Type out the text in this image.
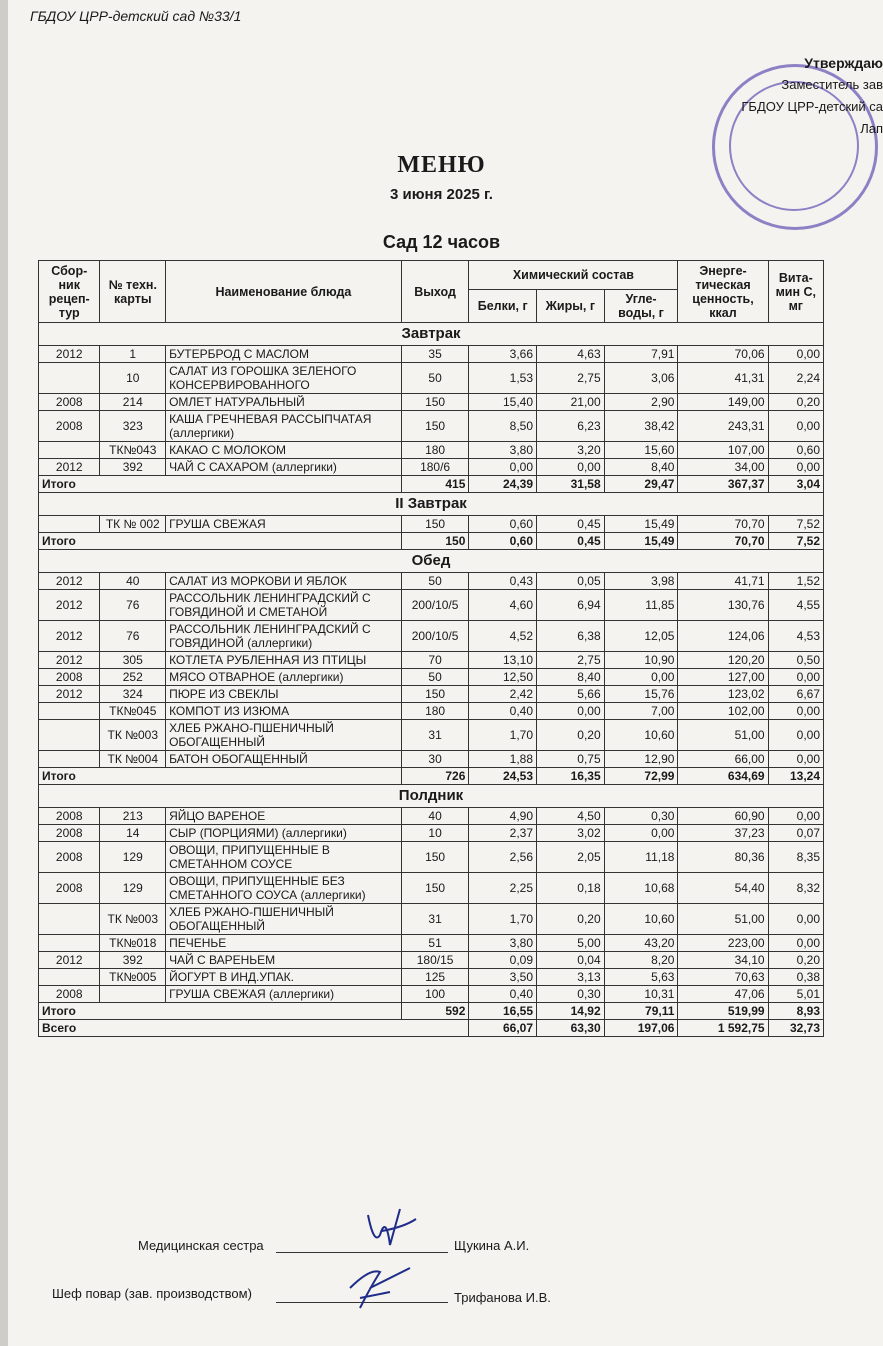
ГБДОУ ЦРР-детский сад №33/1
Утверждаю
Заместитель зав
ГБДОУ ЦРР-детский са
Лап
МЕНЮ
3 июня 2025 г.
Сад 12 часов
Сбор-ник рецеп-тур	№ техн. карты	Наименование блюда	Выход	Химический состав			Энерге-тическая ценность, ккал	Вита-мин С, мг
				Белки, г	Жиры, г	Угле-воды, г		
Завтрак								
2012	1	БУТЕРБРОД С МАСЛОМ	35	3,66	4,63	7,91	70,06	0,00
	10	САЛАТ ИЗ ГОРОШКА ЗЕЛЕНОГО КОНСЕРВИРОВАННОГО	50	1,53	2,75	3,06	41,31	2,24
2008	214	ОМЛЕТ НАТУРАЛЬНЫЙ	150	15,40	21,00	2,90	149,00	0,20
2008	323	КАША ГРЕЧНЕВАЯ РАССЫПЧАТАЯ (аллергики)	150	8,50	6,23	38,42	243,31	0,00
	ТК№043	КАКАО С МОЛОКОМ	180	3,80	3,20	15,60	107,00	0,60
2012	392	ЧАЙ С САХАРОМ (аллергики)	180/6	0,00	0,00	8,40	34,00	0,00
Итого			415	24,39	31,58	29,47	367,37	3,04
II Завтрак								
	ТК № 002	ГРУША СВЕЖАЯ	150	0,60	0,45	15,49	70,70	7,52
Итого			150	0,60	0,45	15,49	70,70	7,52
Обед								
2012	40	САЛАТ ИЗ МОРКОВИ И ЯБЛОК	50	0,43	0,05	3,98	41,71	1,52
2012	76	РАССОЛЬНИК ЛЕНИНГРАДСКИЙ С ГОВЯДИНОЙ И СМЕТАНОЙ	200/10/5	4,60	6,94	11,85	130,76	4,55
2012	76	РАССОЛЬНИК ЛЕНИНГРАДСКИЙ С ГОВЯДИНОЙ (аллергики)	200/10/5	4,52	6,38	12,05	124,06	4,53
2012	305	КОТЛЕТА РУБЛЕННАЯ ИЗ ПТИЦЫ	70	13,10	2,75	10,90	120,20	0,50
2008	252	МЯСО ОТВАРНОЕ (аллергики)	50	12,50	8,40	0,00	127,00	0,00
2012	324	ПЮРЕ ИЗ СВЕКЛЫ	150	2,42	5,66	15,76	123,02	6,67
	ТК№045	КОМПОТ ИЗ ИЗЮМА	180	0,40	0,00	7,00	102,00	0,00
	ТК №003	ХЛЕБ РЖАНО-ПШЕНИЧНЫЙ ОБОГАЩЕННЫЙ	31	1,70	0,20	10,60	51,00	0,00
	ТК №004	БАТОН ОБОГАЩЕННЫЙ	30	1,88	0,75	12,90	66,00	0,00
Итого			726	24,53	16,35	72,99	634,69	13,24
Полдник								
2008	213	ЯЙЦО ВАРЕНОЕ	40	4,90	4,50	0,30	60,90	0,00
2008	14	СЫР (ПОРЦИЯМИ) (аллергики)	10	2,37	3,02	0,00	37,23	0,07
2008	129	ОВОЩИ, ПРИПУЩЕННЫЕ В СМЕТАННОМ СОУСЕ	150	2,56	2,05	11,18	80,36	8,35
2008	129	ОВОЩИ, ПРИПУЩЕННЫЕ БЕЗ СМЕТАННОГО СОУСА (аллергики)	150	2,25	0,18	10,68	54,40	8,32
	ТК №003	ХЛЕБ РЖАНО-ПШЕНИЧНЫЙ ОБОГАЩЕННЫЙ	31	1,70	0,20	10,60	51,00	0,00
	ТК№018	ПЕЧЕНЬЕ	51	3,80	5,00	43,20	223,00	0,00
2012	392	ЧАЙ С ВАРЕНЬЕМ	180/15	0,09	0,04	8,20	34,10	0,20
	ТК№005	ЙОГУРТ В ИНД.УПАК.	125	3,50	3,13	5,63	70,63	0,38
2008		ГРУША СВЕЖАЯ (аллергики)	100	0,40	0,30	10,31	47,06	5,01
Итого			592	16,55	14,92	79,11	519,99	8,93
Всего				66,07	63,30	197,06	1 592,75	32,73
Медицинская сестра	Щукина А.И.
Шеф повар (зав. производством)	Трифанова И.В.
